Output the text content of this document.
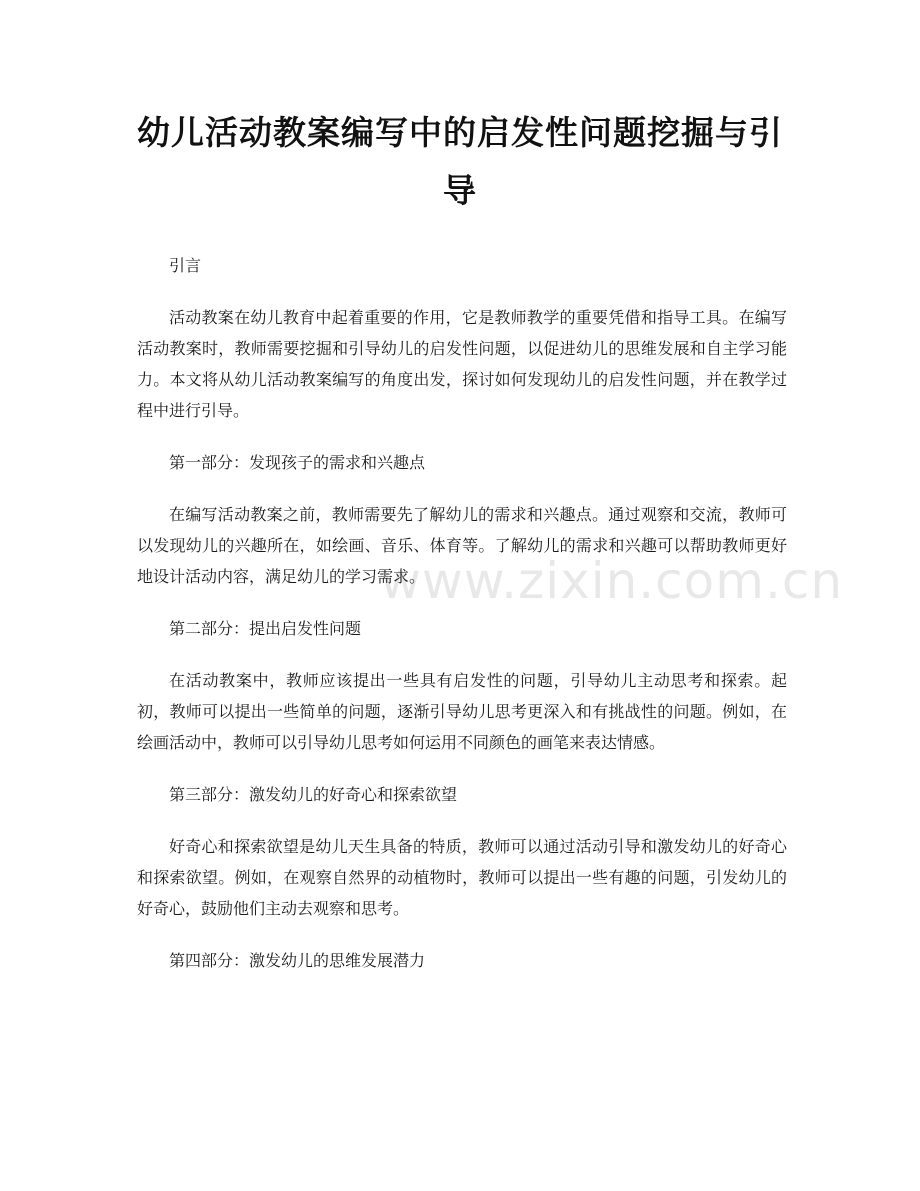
幼儿活动教案编写中的启发性问题挖掘与引导
引言
活动教案在幼儿教育中起着重要的作用，它是教师教学的重要凭借和指导工具。在编写活动教案时，教师需要挖掘和引导幼儿的启发性问题，以促进幼儿的思维发展和自主学习能力。本文将从幼儿活动教案编写的角度出发，探讨如何发现幼儿的启发性问题，并在教学过程中进行引导。
第一部分：发现孩子的需求和兴趣点
在编写活动教案之前，教师需要先了解幼儿的需求和兴趣点。通过观察和交流，教师可以发现幼儿的兴趣所在，如绘画、音乐、体育等。了解幼儿的需求和兴趣可以帮助教师更好地设计活动内容，满足幼儿的学习需求。
第二部分：提出启发性问题
在活动教案中，教师应该提出一些具有启发性的问题，引导幼儿主动思考和探索。起初，教师可以提出一些简单的问题，逐渐引导幼儿思考更深入和有挑战性的问题。例如，在绘画活动中，教师可以引导幼儿思考如何运用不同颜色的画笔来表达情感。
第三部分：激发幼儿的好奇心和探索欲望
好奇心和探索欲望是幼儿天生具备的特质，教师可以通过活动引导和激发幼儿的好奇心和探索欲望。例如，在观察自然界的动植物时，教师可以提出一些有趣的问题，引发幼儿的好奇心，鼓励他们主动去观察和思考。
第四部分：激发幼儿的思维发展潜力
www.zixin.com.cn
